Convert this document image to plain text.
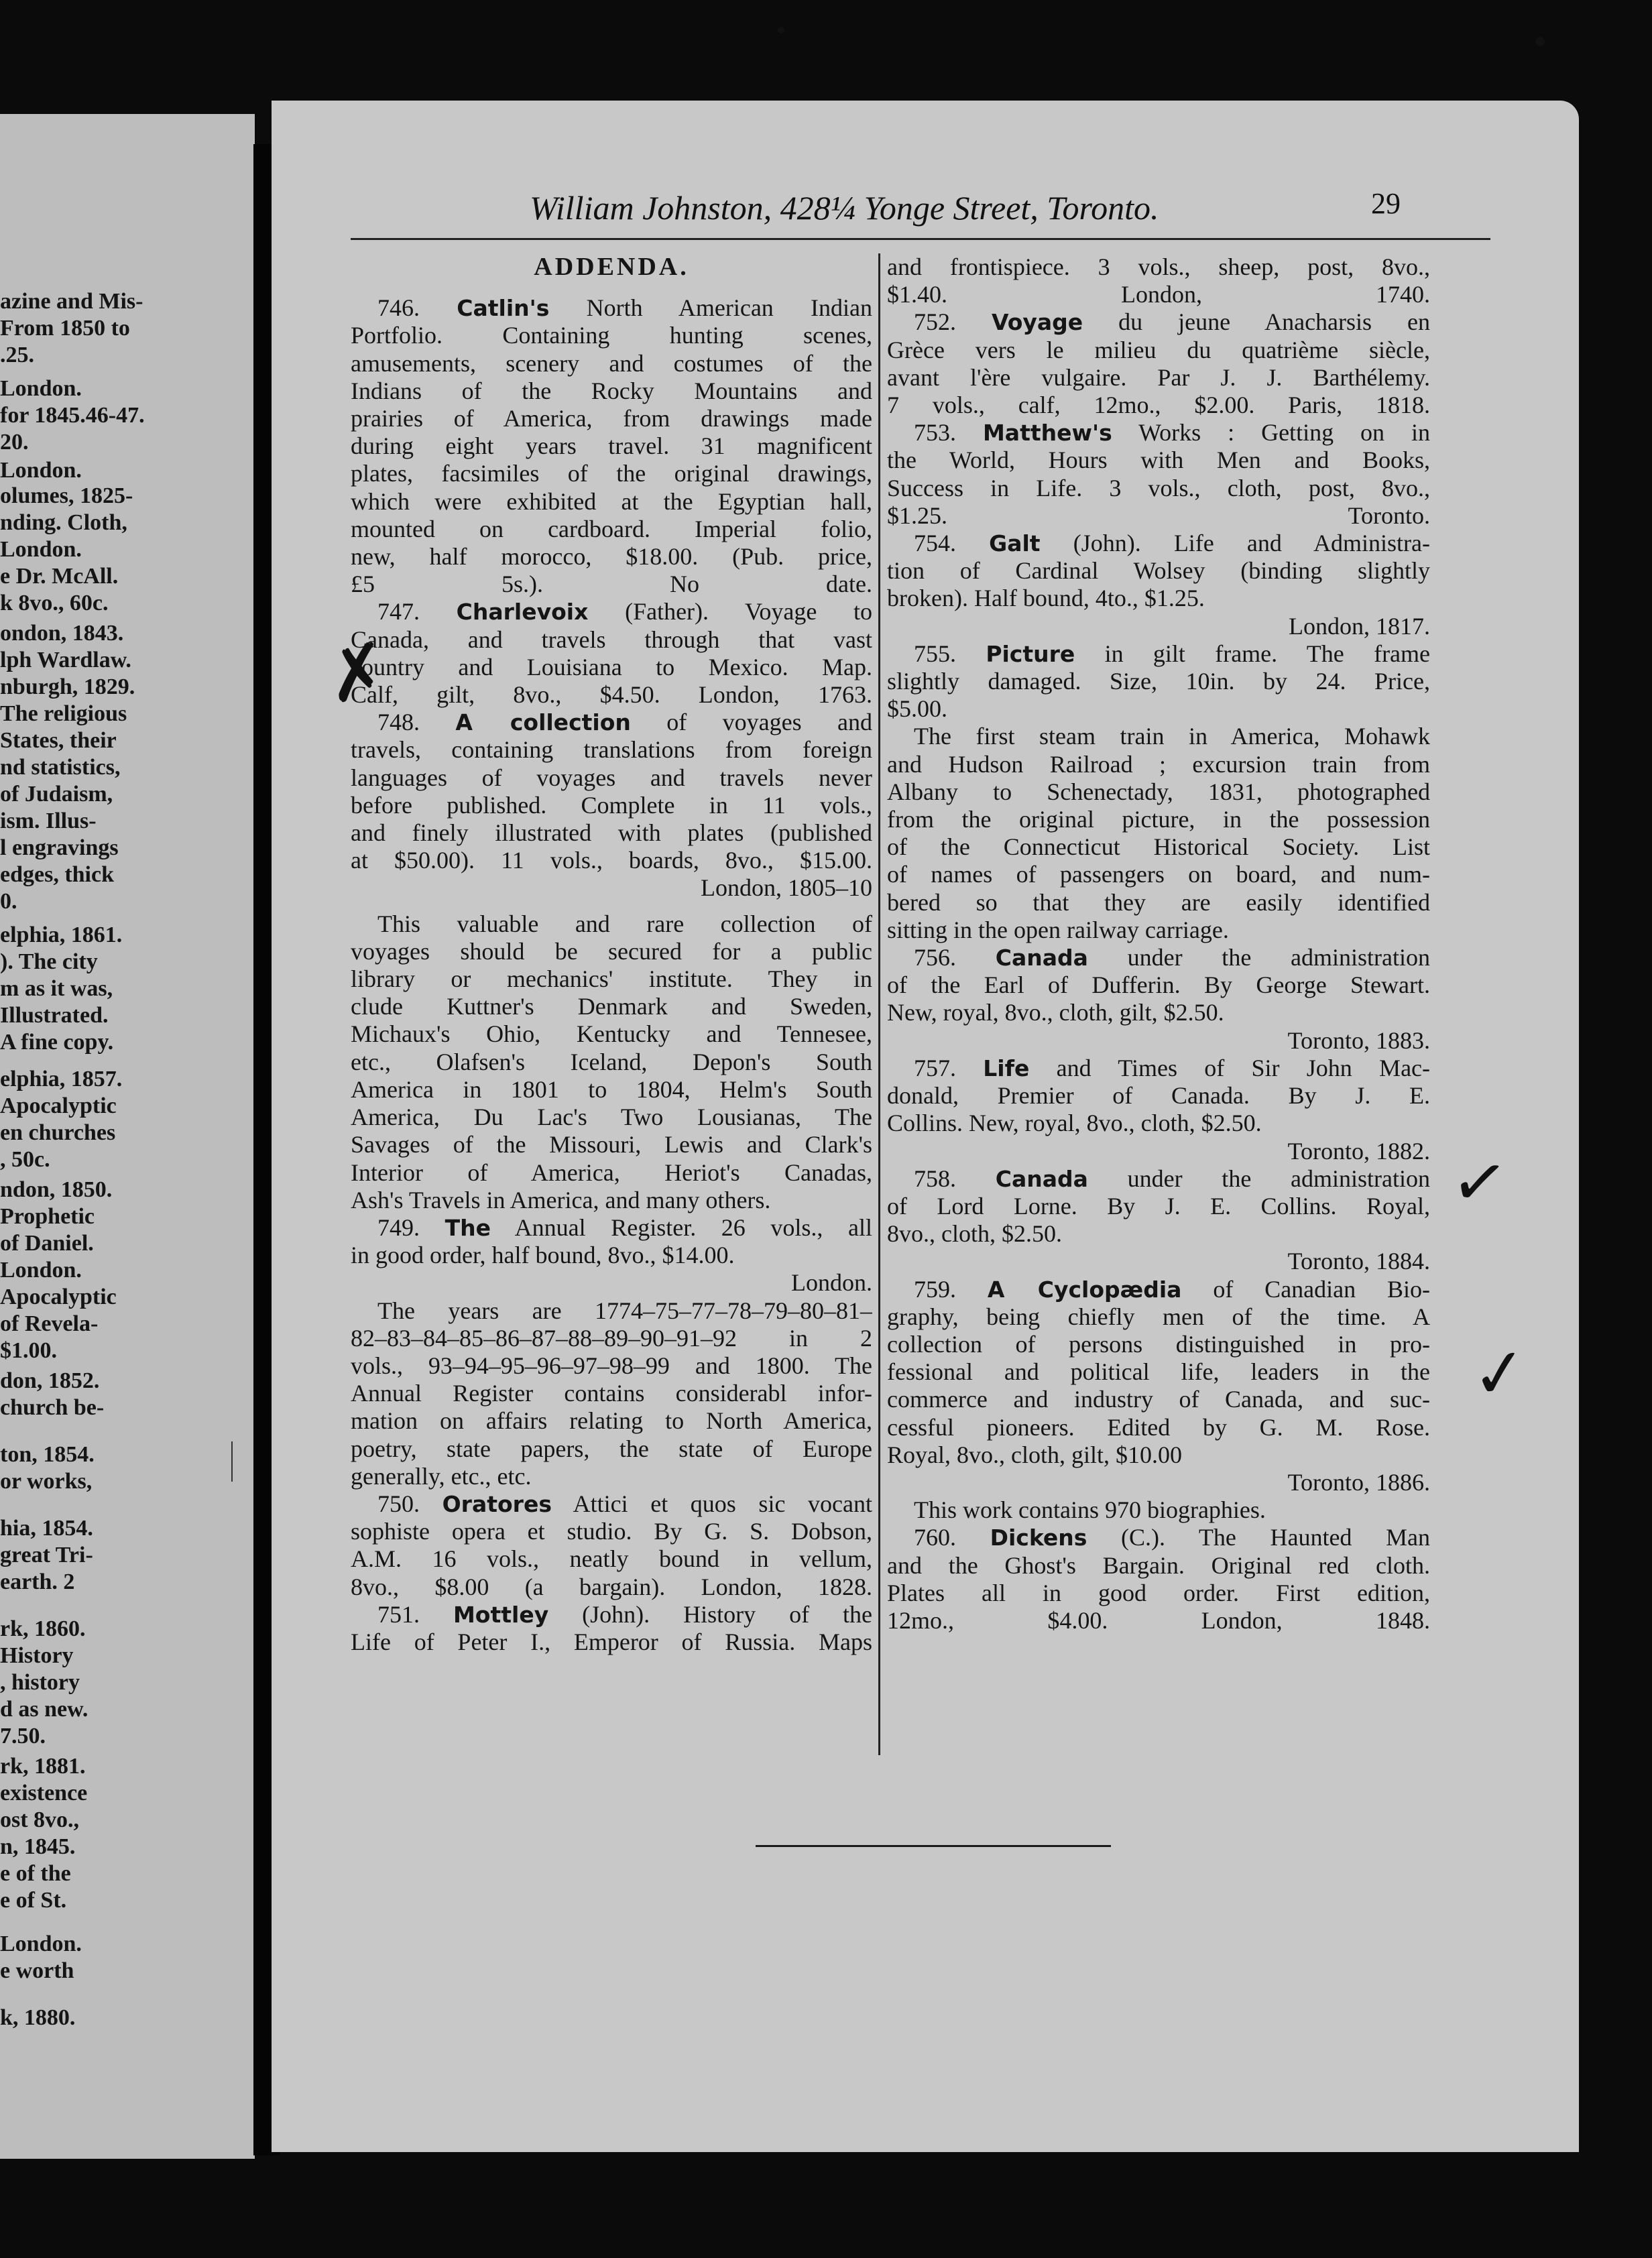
azine and Mis-
From 1850 to
.25.
London.
for 1845.46-47.
20.
London.
olumes, 1825-
nding. Cloth,
London.
e Dr. McAll.
k 8vo., 60c.
ondon, 1843.
lph Wardlaw.
nburgh, 1829.
The religious
States, their
nd statistics,
of Judaism,
ism. Illus-
l engravings
edges, thick
0.
elphia, 1861.
). The city
m as it was,
Illustrated.
A fine copy.
elphia, 1857.
Apocalyptic
en churches
, 50c.
ndon, 1850.
Prophetic
of Daniel.
London.
Apocalyptic
of Revela-
$1.00.
don, 1852.
church be-
ton, 1854.
or works,
hia, 1854.
great Tri-
earth. 2
rk, 1860.
History
, history
d as new.
7.50.
rk, 1881.
existence
ost 8vo.,
n, 1845.
e of the
e of St.
London.
e worth
k, 1880.
William Johnston, 428¼ Yonge Street, Toronto.	29
ADDENDA.
746. Catlin's North American Indian
Portfolio. Containing hunting scenes,
amusements, scenery and costumes of the
Indians of the Rocky Mountains and
prairies of America, from drawings made
during eight years travel. 31 magnificent
plates, facsimiles of the original drawings,
which were exhibited at the Egyptian hall,
mounted on cardboard. Imperial folio,
new, half morocco, $18.00. (Pub. price,
£5 5s.).	No date.
747. Charlevoix (Father). Voyage to
Canada, and travels through that vast
country and Louisiana to Mexico. Map.
Calf, gilt, 8vo., $4.50. London, 1763.
748. A collection of voyages and
travels, containing translations from foreign
languages of voyages and travels never
before published. Complete in 11 vols.,
and finely illustrated with plates (published
at $50.00). 11 vols., boards, 8vo., $15.00.
London, 1805–10
This valuable and rare collection of
voyages should be secured for a public
library or mechanics' institute. They in
clude Kuttner's Denmark and Sweden,
Michaux's Ohio, Kentucky and Tennesee,
etc., Olafsen's Iceland, Depon's South
America in 1801 to 1804, Helm's South
America, Du Lac's Two Lousianas, The
Savages of the Missouri, Lewis and Clark's
Interior of America, Heriot's Canadas,
Ash's Travels in America, and many others.
749. The Annual Register. 26 vols., all
in good order, half bound, 8vo., $14.00.
London.
The years are 1774–75–77–78–79–80–81–
82–83–84–85–86–87–88–89–90–91–92 in 2
vols., 93–94–95–96–97–98–99 and 1800. The
Annual Register contains considerabl infor-
mation on affairs relating to North America,
poetry, state papers, the state of Europe
generally, etc., etc.
750. Oratores Attici et quos sic vocant
sophiste opera et studio. By G. S. Dobson,
A.M. 16 vols., neatly bound in vellum,
8vo., $8.00 (a bargain). London, 1828.
751. Mottley (John). History of the
Life of Peter I., Emperor of Russia. Maps
and frontispiece. 3 vols., sheep, post, 8vo.,
$1.40.	London, 1740.
752. Voyage du jeune Anacharsis en
Grèce vers le milieu du quatrième siècle,
avant l'ère vulgaire. Par J. J. Barthélemy.
7 vols., calf, 12mo., $2.00. Paris, 1818.
753. Matthew's Works : Getting on in
the World, Hours with Men and Books,
Success in Life. 3 vols., cloth, post, 8vo.,
$1.25.	Toronto.
754. Galt (John). Life and Administra-
tion of Cardinal Wolsey (binding slightly
broken). Half bound, 4to., $1.25.
London, 1817.
755. Picture in gilt frame. The frame
slightly damaged. Size, 10in. by 24. Price,
$5.00.
The first steam train in America, Mohawk
and Hudson Railroad ; excursion train from
Albany to Schenectady, 1831, photographed
from the original picture, in the possession
of the Connecticut Historical Society. List
of names of passengers on board, and num-
bered so that they are easily identified
sitting in the open railway carriage.
756. Canada under the administration
of the Earl of Dufferin. By George Stewart.
New, royal, 8vo., cloth, gilt, $2.50.
Toronto, 1883.
757. Life and Times of Sir John Mac-
donald, Premier of Canada. By J. E.
Collins. New, royal, 8vo., cloth, $2.50.
Toronto, 1882.
758. Canada under the administration
of Lord Lorne. By J. E. Collins. Royal,
8vo., cloth, $2.50.
Toronto, 1884.
759. A Cyclopædia of Canadian Bio-
graphy, being chiefly men of the time. A
collection of persons distinguished in pro-
fessional and political life, leaders in the
commerce and industry of Canada, and suc-
cessful pioneers. Edited by G. M. Rose.
Royal, 8vo., cloth, gilt, $10.00
Toronto, 1886.
This work contains 970 biographies.
760. Dickens (C.). The Haunted Man
and the Ghost's Bargain. Original red cloth.
Plates all in good order. First edition,
12mo., $4.00.	London, 1848.
✗
✓
✓
